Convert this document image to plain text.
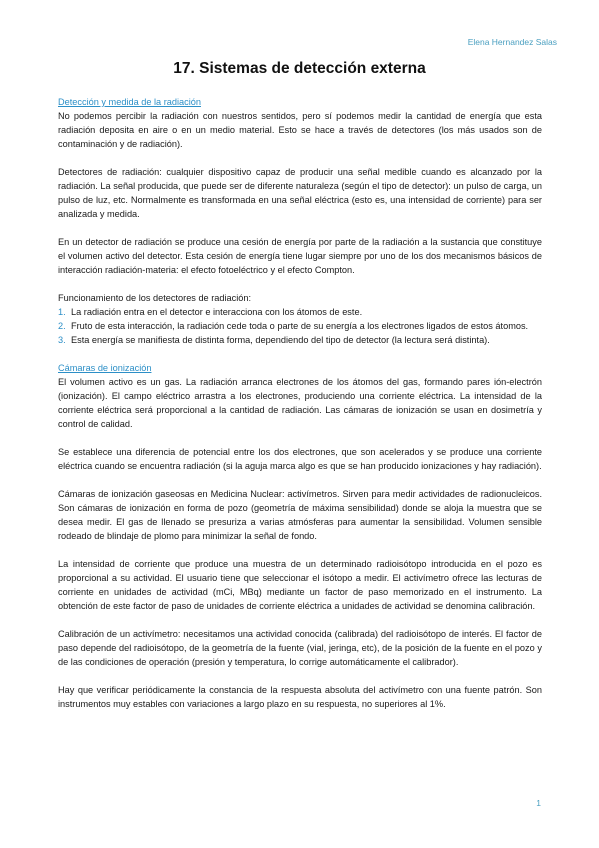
Elena Hernandez Salas
17. Sistemas de detección externa

Detección y medida de la radiación

No podemos percibir la radiación con nuestros sentidos, pero sí podemos medir la cantidad de energía que esta radiación deposita en aire o en un medio material. Esto se hace a través de detectores (los más usados son de contaminación y de radiación).

Detectores de radiación: cualquier dispositivo capaz de producir una señal medible cuando es alcanzado por la radiación. La señal producida, que puede ser de diferente naturaleza (según el tipo de detector): un pulso de carga, un pulso de luz, etc. Normalmente es transformada en una señal eléctrica (esto es, una intensidad de corriente) para ser analizada y medida.

En un detector de radiación se produce una cesión de energía por parte de la radiación a la sustancia que constituye el volumen activo del detector. Esta cesión de energía tiene lugar siempre por uno de los dos mecanismos básicos de interacción radiación-materia: el efecto fotoeléctrico y el efecto Compton.

Funcionamiento de los detectores de radiación:

1. La radiación entra en el detector e interacciona con los átomos de este.
2. Fruto de esta interacción, la radiación cede toda o parte de su energía a los electrones ligados de estos átomos.
3. Esta energía se manifiesta de distinta forma, dependiendo del tipo de detector (la lectura será distinta).

Cámaras de ionización

El volumen activo es un gas. La radiación arranca electrones de los átomos del gas, formando pares ión-electrón (ionización). El campo eléctrico arrastra a los electrones, produciendo una corriente eléctrica. La intensidad de la corriente eléctrica será proporcional a la cantidad de radiación. Las cámaras de ionización se usan en dosimetría y control de calidad.

Se establece una diferencia de potencial entre los dos electrones, que son acelerados y se produce una corriente eléctrica cuando se encuentra radiación (si la aguja marca algo es que se han producido ionizaciones y hay radiación).

Cámaras de ionización gaseosas en Medicina Nuclear: activímetros. Sirven para medir actividades de radionucleicos. Son cámaras de ionización en forma de pozo (geometría de máxima sensibilidad) donde se aloja la muestra que se desea medir. El gas de llenado se presuriza a varias atmósferas para aumentar la sensibilidad. Volumen sensible rodeado de blindaje de plomo para minimizar la señal de fondo.

La intensidad de corriente que produce una muestra de un determinado radioisótopo introducida en el pozo es proporcional a su actividad. El usuario tiene que seleccionar el isótopo a medir. El activímetro ofrece las lecturas de corriente en unidades de actividad (mCi, MBq) mediante un factor de paso memorizado en el instrumento. La obtención de este factor de paso de unidades de corriente eléctrica a unidades de actividad se denomina calibración.

Calibración de un activímetro: necesitamos una actividad conocida (calibrada) del radioisótopo de interés. El factor de paso depende del radioisótopo, de la geometría de la fuente (vial, jeringa, etc), de la posición de la fuente en el pozo y de las condiciones de operación (presión y temperatura, lo corrige automáticamente el calibrador).

Hay que verificar periódicamente la constancia de la respuesta absoluta del activímetro con una fuente patrón. Son instrumentos muy estables con variaciones a largo plazo en su respuesta, no superiores al 1%.

1
